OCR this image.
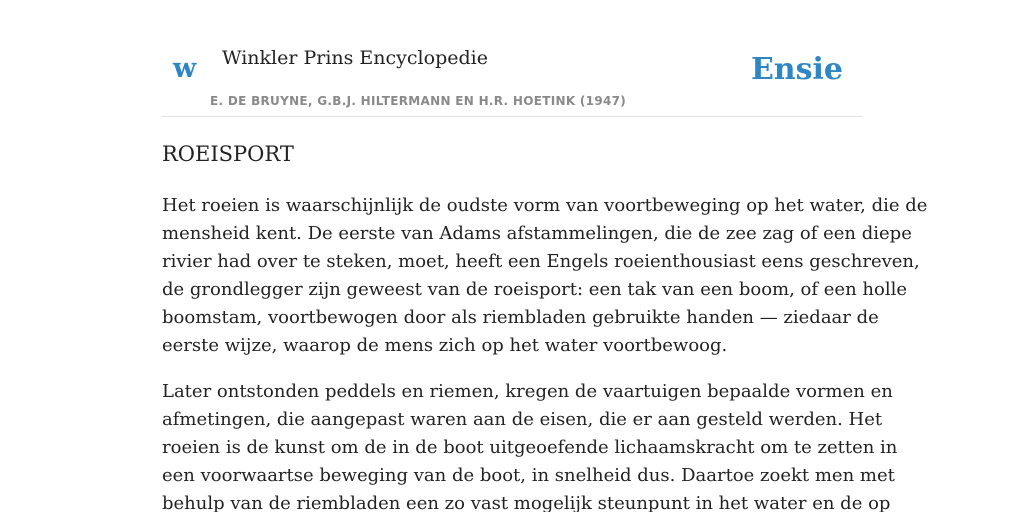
w Winkler Prins Encyclopedie
E. DE BRUYNE, G.B.J. HILTERMANN EN H.R. HOETINK (1947)
Ensie
ROEISPORT

Het roeien is waarschijnlijk de oudste vorm van voortbeweging op het water, die de
mensheid kent. De eerste van Adams afstammelingen, die de zee zag of een diepe
rivier had over te steken, moet, heeft een Engels roeienthousiast eens geschreven,
de grondlegger zijn geweest van de roeisport: een tak van een boom, of een holle
boomstam, voortbewogen door als riembladen gebruikte handen — ziedaar de
eerste wijze, waarop de mens zich op het water voortbewoog.

Later ontstonden peddels en riemen, kregen de vaartuigen bepaalde vormen en
afmetingen, die aangepast waren aan de eisen, die er aan gesteld werden. Het
roeien is de kunst om de in de boot uitgeoefende lichaamskracht om te zetten in
een voorwaartse beweging van de boot, in snelheid dus. Daartoe zoekt men met
behulp van de riembladen een zo vast mogelijk steunpunt in het water en de op
